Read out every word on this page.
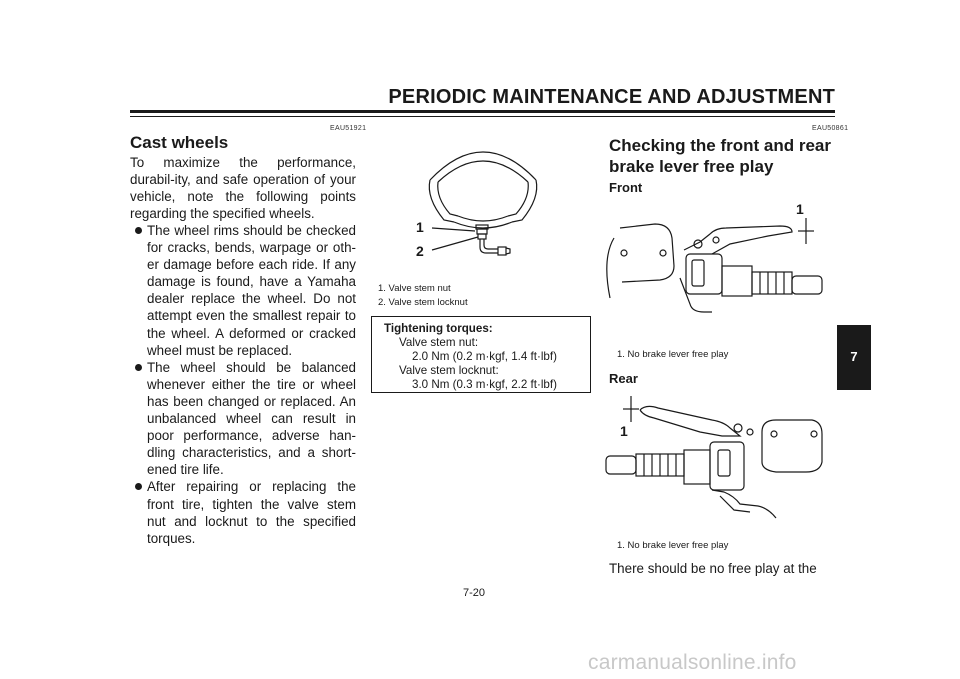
PERIODIC MAINTENANCE AND ADJUSTMENT
EAU51921
Cast wheels
To maximize the performance, durabil-ity, and safe operation of your vehicle, note the following points regarding the specified wheels.
The wheel rims should be checked for cracks, bends, warpage or oth-er damage before each ride. If any damage is found, have a Yamaha dealer replace the wheel. Do not attempt even the smallest repair to the wheel. A deformed or cracked wheel must be replaced.
The wheel should be balanced whenever either the tire or wheel has been changed or replaced. An unbalanced wheel can result in poor performance, adverse han-dling characteristics, and a short-ened tire life.
After repairing or replacing the front tire, tighten the valve stem nut and locknut to the specified torques.
1
2
1. Valve stem nut
2. Valve stem locknut
Tightening torques:
Valve stem nut:
2.0 Nm (0.2 m·kgf, 1.4 ft·lbf)
Valve stem locknut:
3.0 Nm (0.3 m·kgf, 2.2 ft·lbf)
EAU50861
Checking the front and rear brake lever free play
Front
1
1. No brake lever free play
Rear
1
1. No brake lever free play
There should be no free play at the
7
7-20
carmanualsonline.info
